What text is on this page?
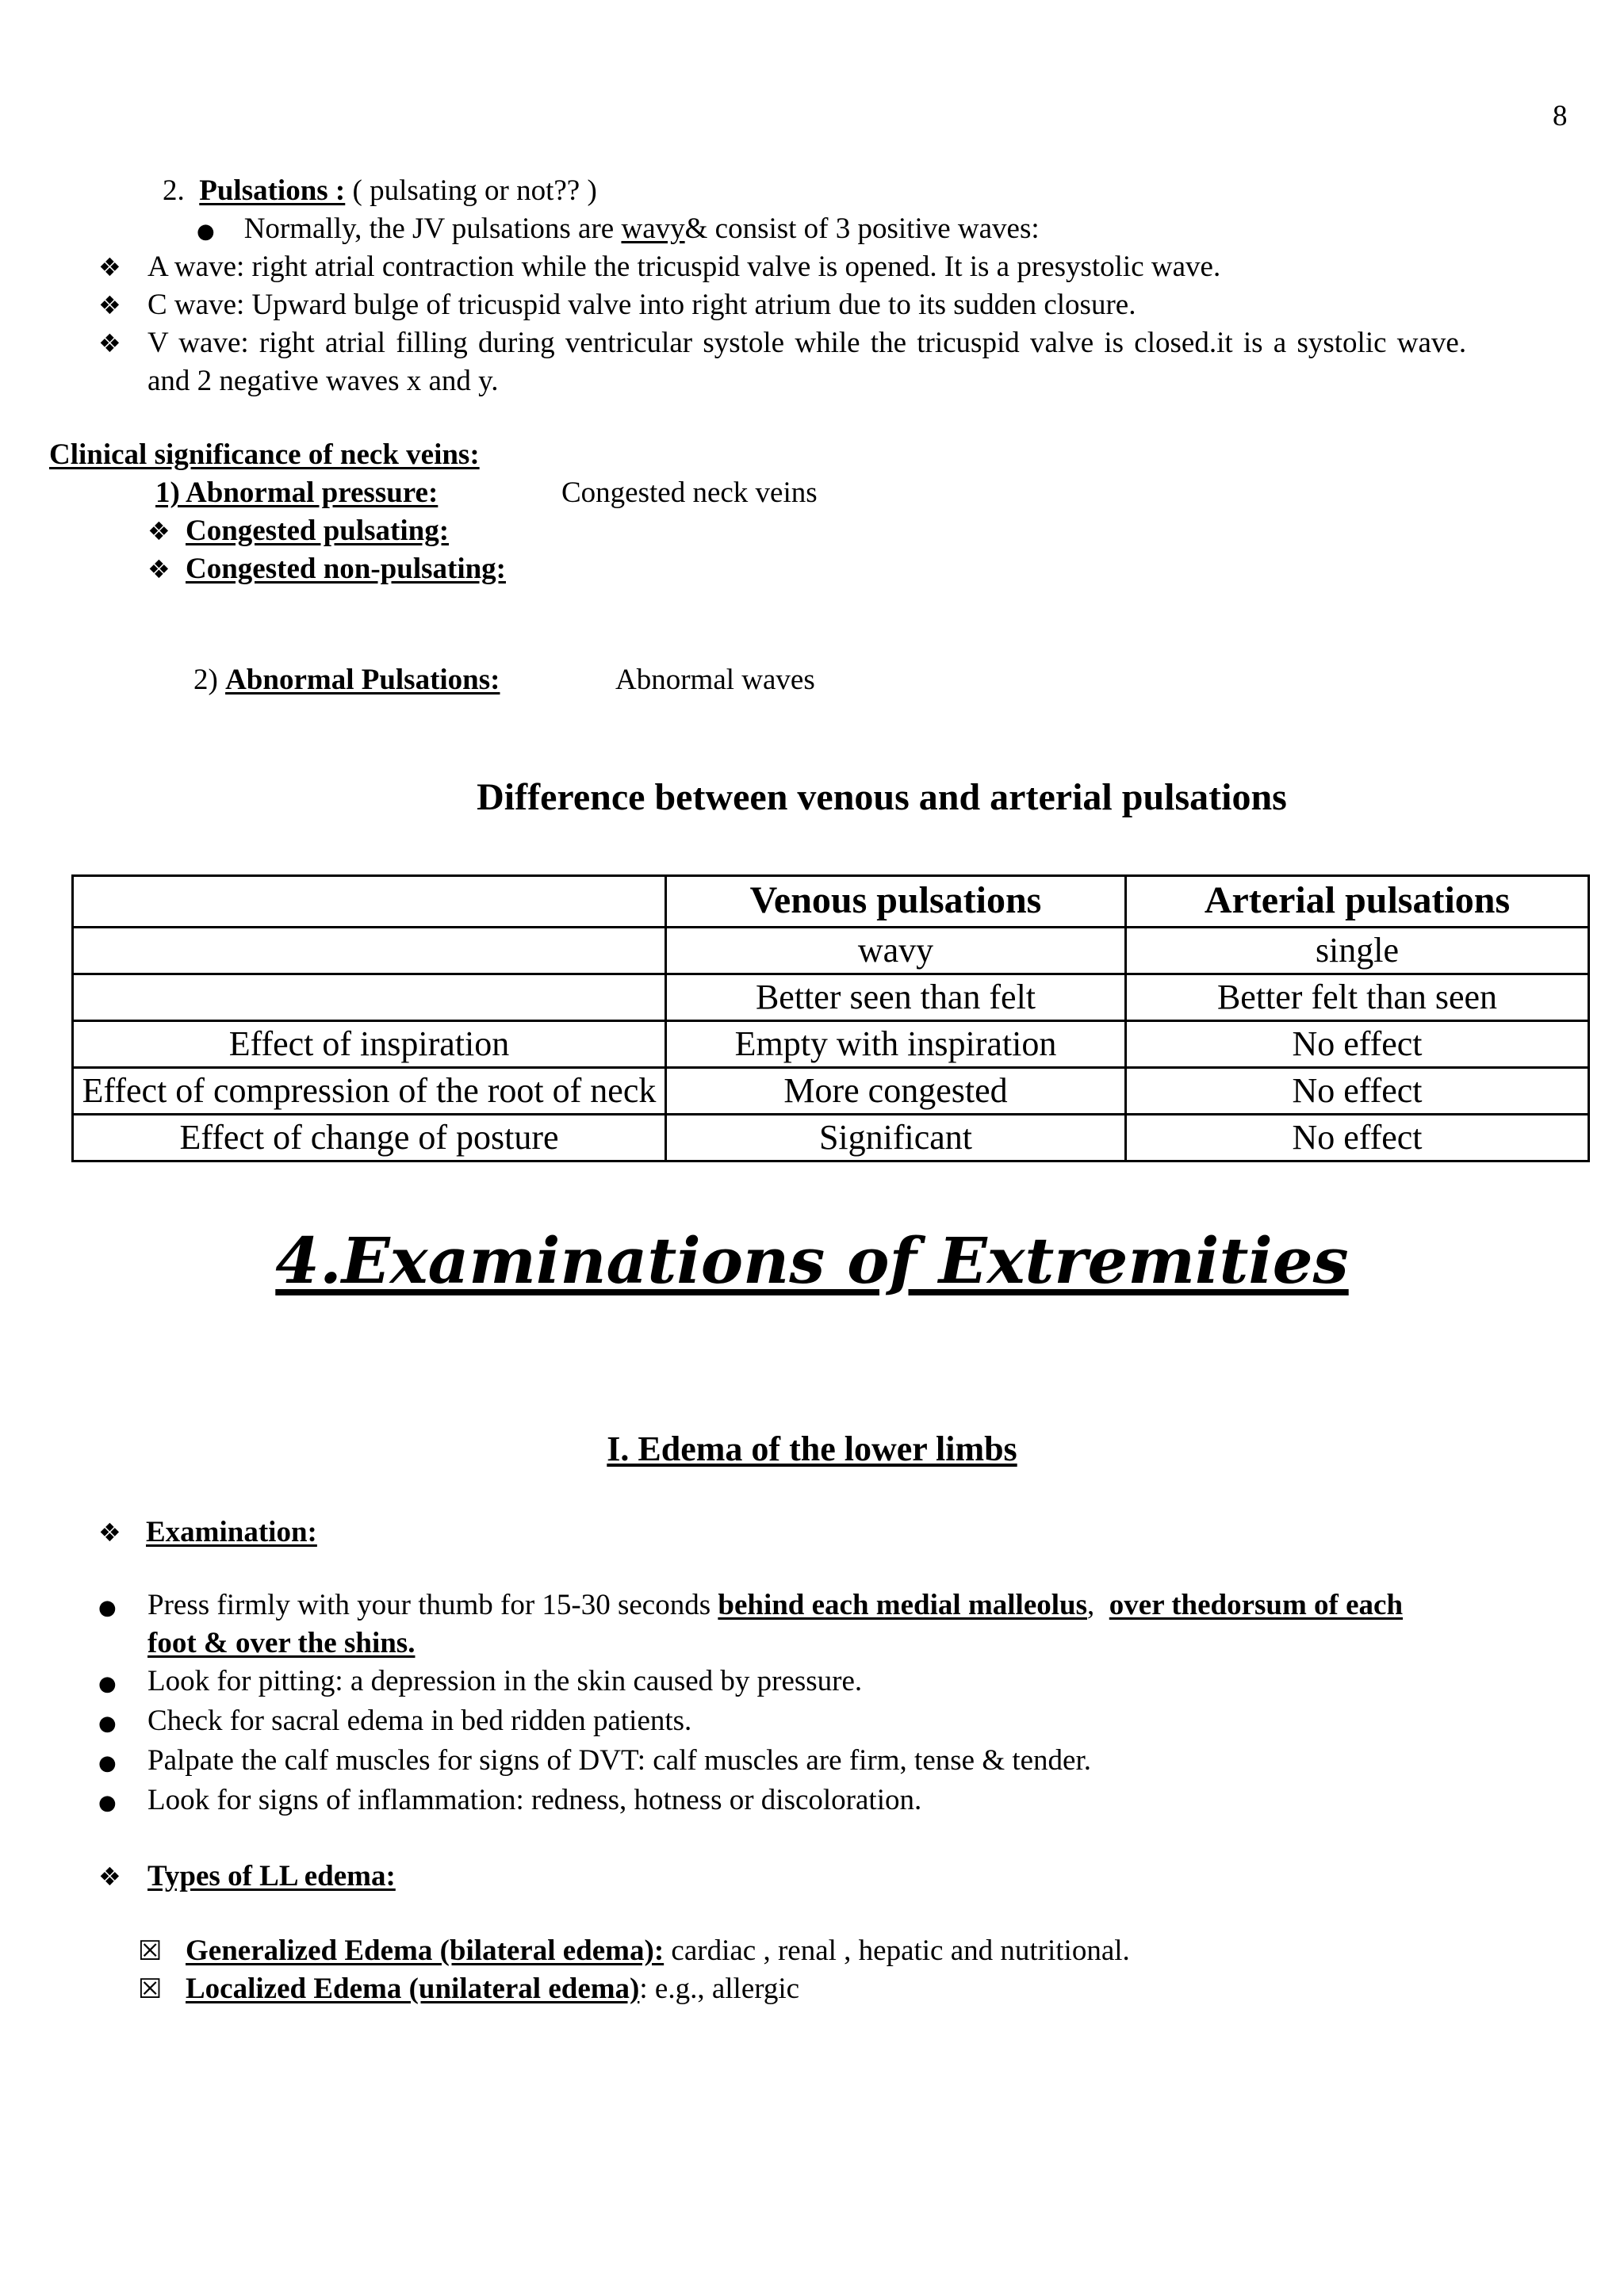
8
2. Pulsations : ( pulsating or not?? )
● Normally, the JV pulsations are wavy& consist of 3 positive waves:
❖ A wave: right atrial contraction while the tricuspid valve is opened. It is a presystolic wave.
❖ C wave: Upward bulge of tricuspid valve into right atrium due to its sudden closure.
❖ V wave: right atrial filling during ventricular systole while the tricuspid valve is closed.it is a systolic wave.
and 2 negative waves x and y.
Clinical significance of neck veins:
1) Abnormal pressure:	Congested neck veins
❖ Congested pulsating:
❖ Congested non-pulsating:
2) Abnormal Pulsations:	Abnormal waves
Difference between venous and arterial pulsations
	Venous pulsations	Arterial pulsations
	wavy	single
	Better seen than felt	Better felt than seen
Effect of inspiration	Empty with inspiration	No effect
Effect of compression of the root of neck	More congested	No effect
Effect of change of posture	Significant	No effect
4.Examinations of Extremities
I. Edema of the lower limbs
❖ Examination:
● Press firmly with your thumb for 15-30 seconds behind each medial malleolus,  over thedorsum of each
foot & over the shins.
● Look for pitting: a depression in the skin caused by pressure.
● Check for sacral edema in bed ridden patients.
● Palpate the calf muscles for signs of DVT: calf muscles are firm, tense & tender.
● Look for signs of inflammation: redness, hotness or discoloration.
❖ Types of LL edema:
☒ Generalized Edema (bilateral edema): cardiac , renal , hepatic and nutritional.
☒ Localized Edema (unilateral edema): e.g., allergic
